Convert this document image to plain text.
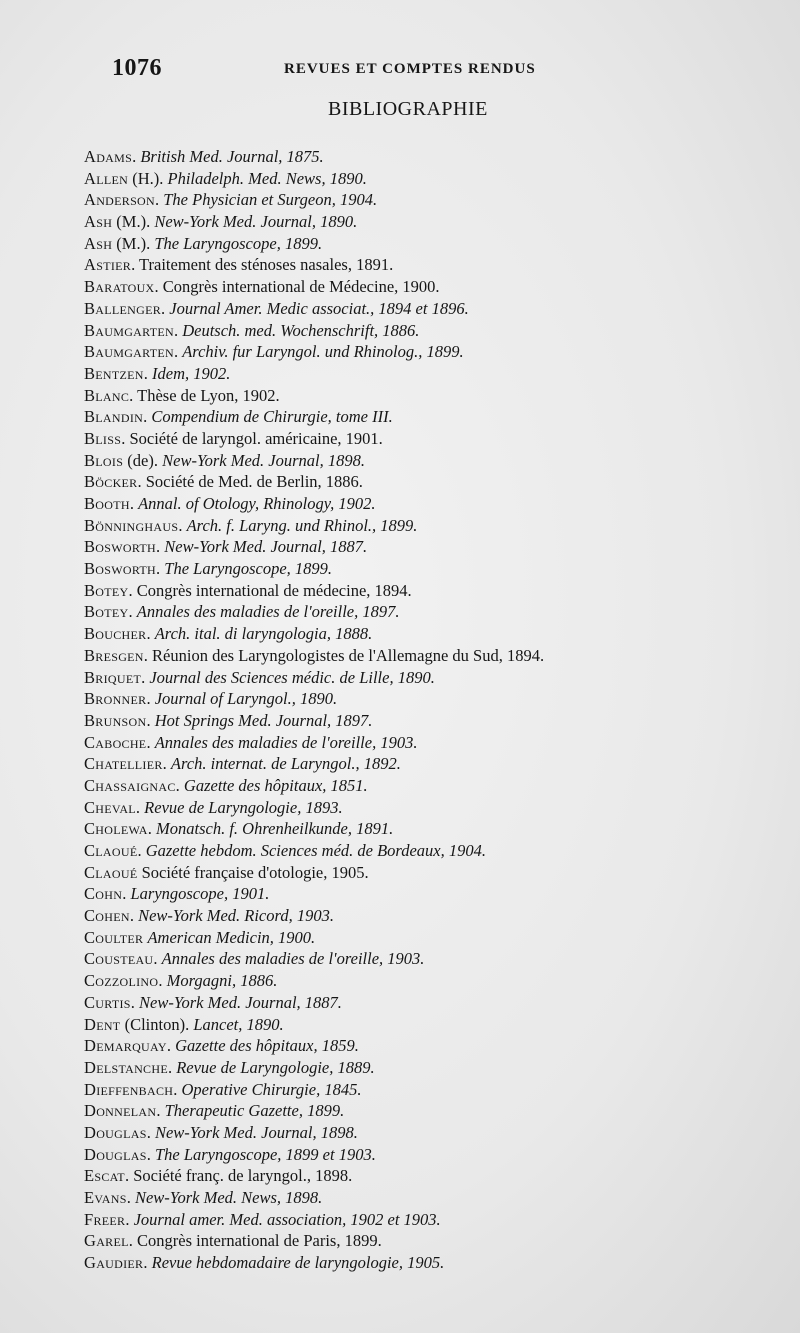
1076	REVUES ET COMPTES RENDUS
BIBLIOGRAPHIE
Adams. British Med. Journal, 1875.
Allen (H.). Philadelph. Med. News, 1890.
Anderson. The Physician et Surgeon, 1904.
Ash (M.). New-York Med. Journal, 1890.
Ash (M.). The Laryngoscope, 1899.
Astier. Traitement des sténoses nasales, 1891.
Baratoux. Congrès international de Médecine, 1900.
Ballenger. Journal Amer. Medic associat., 1894 et 1896.
Baumgarten. Deutsch. med. Wochenschrift, 1886.
Baumgarten. Archiv. fur Laryngol. und Rhinolog., 1899.
Bentzen. Idem, 1902.
Blanc. Thèse de Lyon, 1902.
Blandin. Compendium de Chirurgie, tome III.
Bliss. Société de laryngol. américaine, 1901.
Blois (de). New-York Med. Journal, 1898.
Böcker. Société de Med. de Berlin, 1886.
Booth. Annal. of Otology, Rhinology, 1902.
Bönninghaus. Arch. f. Laryng. und Rhinol., 1899.
Bosworth. New-York Med. Journal, 1887.
Bosworth. The Laryngoscope, 1899.
Botey. Congrès international de médecine, 1894.
Botey. Annales des maladies de l'oreille, 1897.
Boucher. Arch. ital. di laryngologia, 1888.
Bresgen. Réunion des Laryngologistes de l'Allemagne du Sud, 1894.
Briquet. Journal des Sciences médic. de Lille, 1890.
Bronner. Journal of Laryngol., 1890.
Brunson. Hot Springs Med. Journal, 1897.
Caboche. Annales des maladies de l'oreille, 1903.
Chatellier. Arch. internat. de Laryngol., 1892.
Chassaignac. Gazette des hôpitaux, 1851.
Cheval. Revue de Laryngologie, 1893.
Cholewa. Monatsch. f. Ohrenheilkunde, 1891.
Claoué. Gazette hebdom. Sciences méd. de Bordeaux, 1904.
Claoué Société française d'otologie, 1905.
Cohn. Laryngoscope, 1901.
Cohen. New-York Med. Ricord, 1903.
Coulter American Medicin, 1900.
Cousteau. Annales des maladies de l'oreille, 1903.
Cozzolino. Morgagni, 1886.
Curtis. New-York Med. Journal, 1887.
Dent (Clinton). Lancet, 1890.
Demarquay. Gazette des hôpitaux, 1859.
Delstanche. Revue de Laryngologie, 1889.
Dieffenbach. Operative Chirurgie, 1845.
Donnelan. Therapeutic Gazette, 1899.
Douglas. New-York Med. Journal, 1898.
Douglas. The Laryngoscope, 1899 et 1903.
Escat. Société franç. de laryngol., 1898.
Evans. New-York Med. News, 1898.
Freer. Journal amer. Med. association, 1902 et 1903.
Garel. Congrès international de Paris, 1899.
Gaudier. Revue hebdomadaire de laryngologie, 1905.
